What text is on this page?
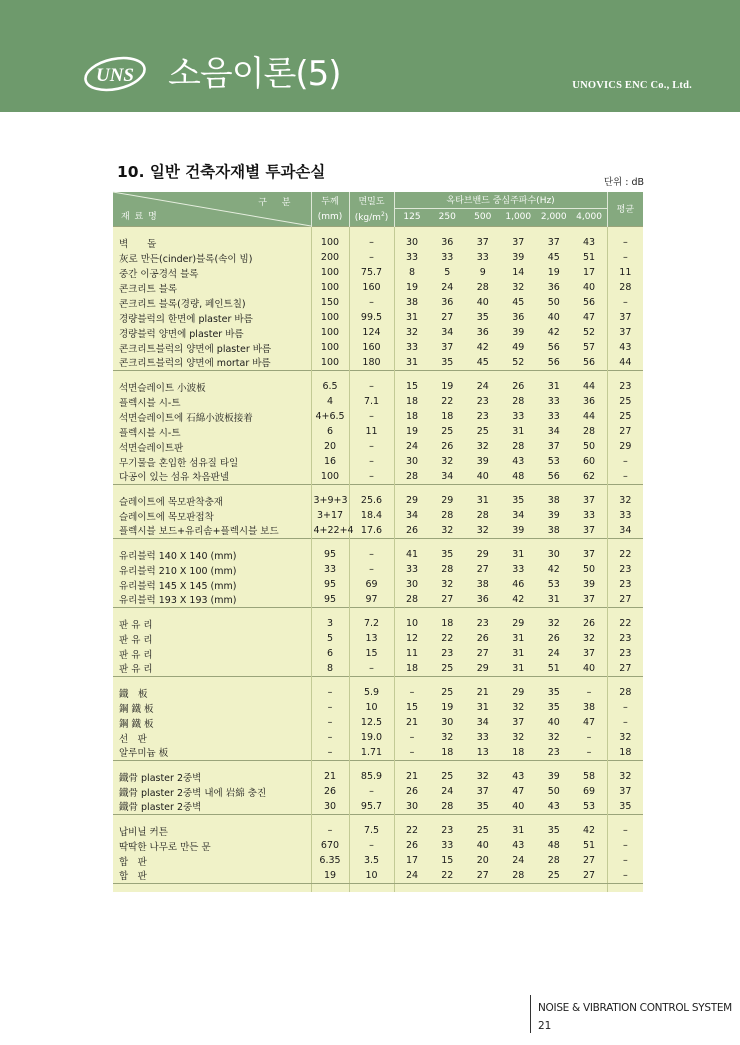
UNS 소음이론(5)	UNOVICS ENC Co., Ltd.
10. 일반 건축자재별 투과손실
단위 : dB
구 분
재 료 명	두께	면밀도	옥타브밴드 중심주파수(Hz)						평균
	(mm)	$(kg/m^2)$	125	250	500	1,000	2,000	4,000	

벽　　돌	100	–	30	36	37	37	37	43	–
灰로 만든(cinder)블록(속이 빔)	200	–	33	33	33	39	45	51	–
중간 이공경석 블록	100	75.7	8	5	9	14	19	17	11
콘크리트 블록	100	160	19	24	28	32	36	40	28
콘크리트 블록(경량, 페인트칠)	150	–	38	36	40	45	50	56	–
경량블럭의 한면에 plaster 바름	100	99.5	31	27	35	36	40	47	37
경량블럭 양면에 plaster 바름	100	124	32	34	36	39	42	52	37
콘크리트블럭의 양면에 plaster 바름	100	160	33	37	42	49	56	57	43
콘크리트블럭의 양면에 mortar 바름	100	180	31	35	45	52	56	56	44

석면슬레이트 小波板	6.5	–	15	19	24	26	31	44	23
플렉시블 시-트	4	7.1	18	22	23	28	33	36	25
석면슬레이트에 石綿小波板接着	4+6.5	–	18	18	23	33	33	44	25
플렉시블 시-트	6	11	19	25	25	31	34	28	27
석면슬레이트판	20	–	24	26	32	28	37	50	29
무기물을 혼입한 섬유질 타일	16	–	30	32	39	43	53	60	–
다공이 있는 섬유 차음판넬	100	–	28	34	40	48	56	62	–

슬레이트에 목모판착충재	3+9+3	25.6	29	29	31	35	38	37	32
슬레이트에 목모판접착	3+17	18.4	34	28	28	34	39	33	33
플렉시블 보드+유리솜+플렉시블 보드	4+22+4	17.6	26	32	32	39	38	37	34

유리블럭 140 X 140 (mm)	95	–	41	35	29	31	30	37	22
유리블럭 210 X 100 (mm)	33	–	33	28	27	33	42	50	23
유리블럭 145 X 145 (mm)	95	69	30	32	38	46	53	39	23
유리블럭 193 X 193 (mm)	95	97	28	27	36	42	31	37	27

판 유 리	3	7.2	10	18	23	29	32	26	22
판 유 리	5	13	12	22	26	31	26	32	23
판 유 리	6	15	11	23	27	31	24	37	23
판 유 리	8	–	18	25	29	31	51	40	27

鐵　板	–	5.9	–	25	21	29	35	–	28
鋼 鐵 板	–	10	15	19	31	32	35	38	–
鋼 鐵 板	–	12.5	21	30	34	37	40	47	–
선　판	–	19.0	–	32	33	32	32	–	32
알루미늄 板	–	1.71	–	18	13	18	23	–	18

鐵骨 plaster 2중벽	21	85.9	21	25	32	43	39	58	32
鐵骨 plaster 2중벽 내에 岩綿 충진	26	–	26	24	37	47	50	69	37
鐵骨 plaster 2중벽	30	95.7	30	28	35	40	43	53	35

납비닐 커튼	–	7.5	22	23	25	31	35	42	–
딱딱한 나무로 만든 문	670	–	26	33	40	43	48	51	–
합　판	6.35	3.5	17	15	20	24	28	27	–
합　판	19	10	24	22	27	28	25	27	–

NOISE & VIBRATION CONTROL SYSTEM
21
